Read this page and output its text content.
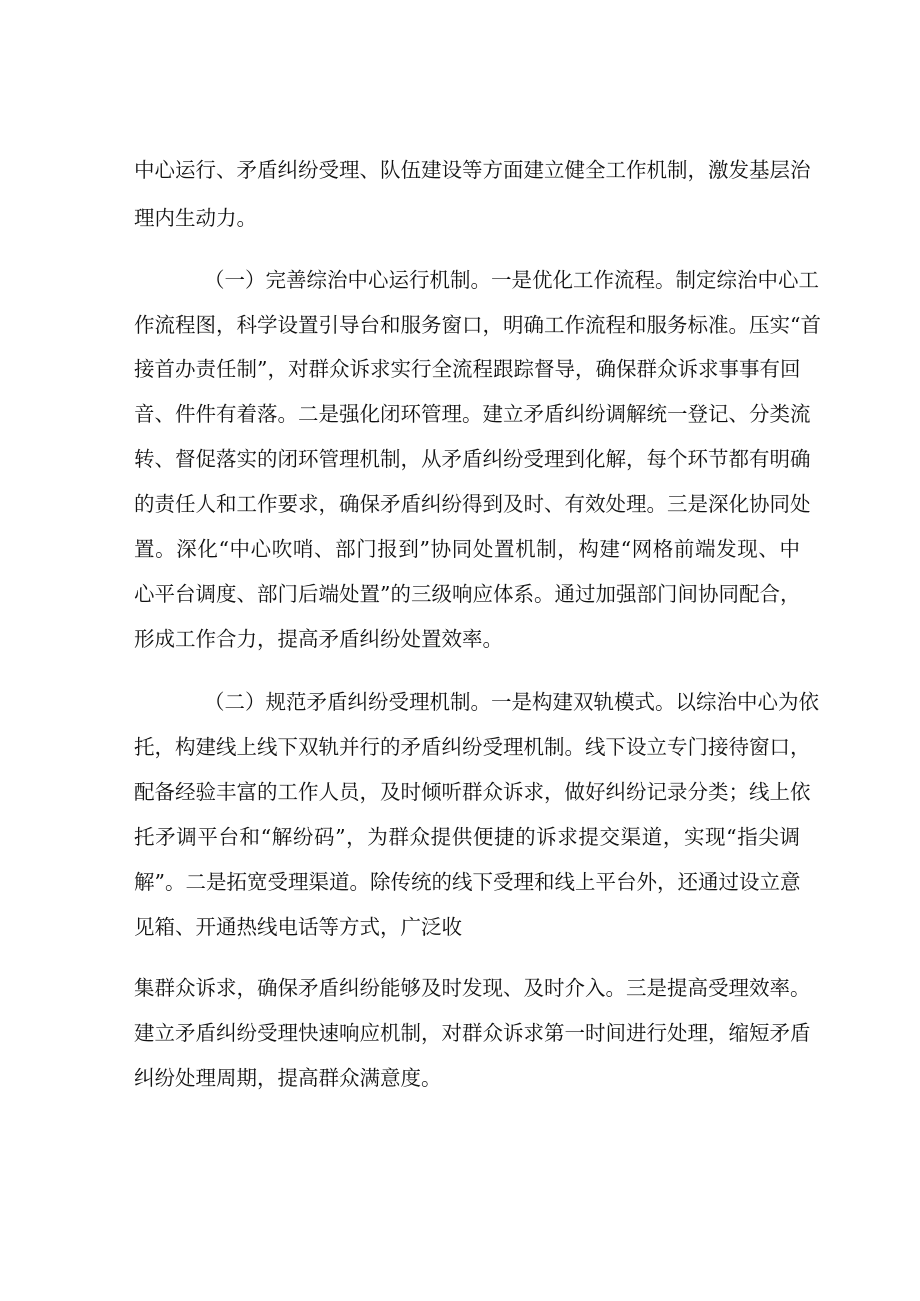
中心运行、矛盾纠纷受理、队伍建设等方面建立健全工作机制，激发基层治
理内生动力。
（一）完善综治中心运行机制。一是优化工作流程。制定综治中心工
作流程图，科学设置引导台和服务窗口，明确工作流程和服务标准。压实“首
接首办责任制”，对群众诉求实行全流程跟踪督导，确保群众诉求事事有回
音、件件有着落。二是强化闭环管理。建立矛盾纠纷调解统一登记、分类流
转、督促落实的闭环管理机制，从矛盾纠纷受理到化解，每个环节都有明确
的责任人和工作要求，确保矛盾纠纷得到及时、有效处理。三是深化协同处
置。深化“中心吹哨、部门报到”协同处置机制，构建“网格前端发现、中
心平台调度、部门后端处置”的三级响应体系。通过加强部门间协同配合，
形成工作合力，提高矛盾纠纷处置效率。
（二）规范矛盾纠纷受理机制。一是构建双轨模式。以综治中心为依
托，构建线上线下双轨并行的矛盾纠纷受理机制。线下设立专门接待窗口，
配备经验丰富的工作人员，及时倾听群众诉求，做好纠纷记录分类；线上依
托矛调平台和“解纷码”，为群众提供便捷的诉求提交渠道，实现“指尖调
解”。二是拓宽受理渠道。除传统的线下受理和线上平台外，还通过设立意
见箱、开通热线电话等方式，广泛收
集群众诉求，确保矛盾纠纷能够及时发现、及时介入。三是提高受理效率。
建立矛盾纠纷受理快速响应机制，对群众诉求第一时间进行处理，缩短矛盾
纠纷处理周期，提高群众满意度。
